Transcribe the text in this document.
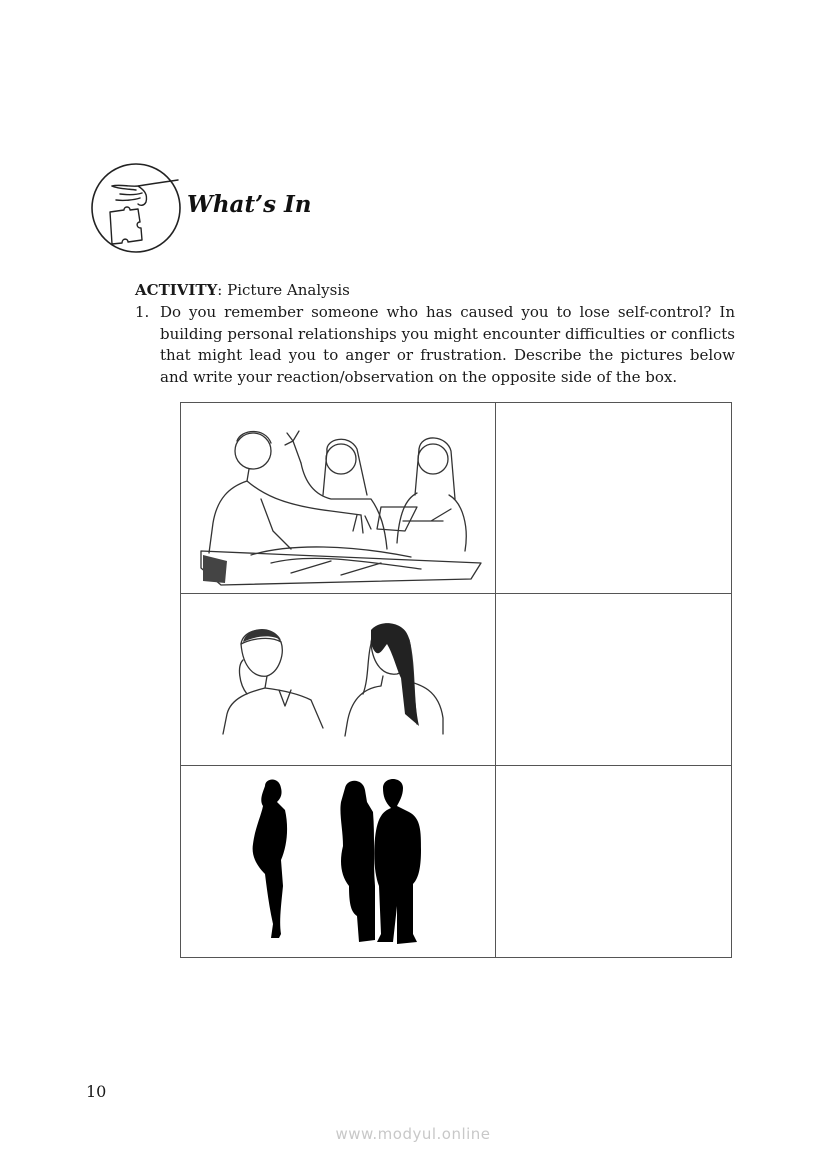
What’s In
ACTIVITY: Picture Analysis
1. Do you remember someone who has caused you to lose self-control? In building personal relationships you might encounter difficulties or conflicts that might lead you to anger or frustration. Describe the pictures below and write your reaction/observation on the opposite side of the box.

10
www.modyul.online
